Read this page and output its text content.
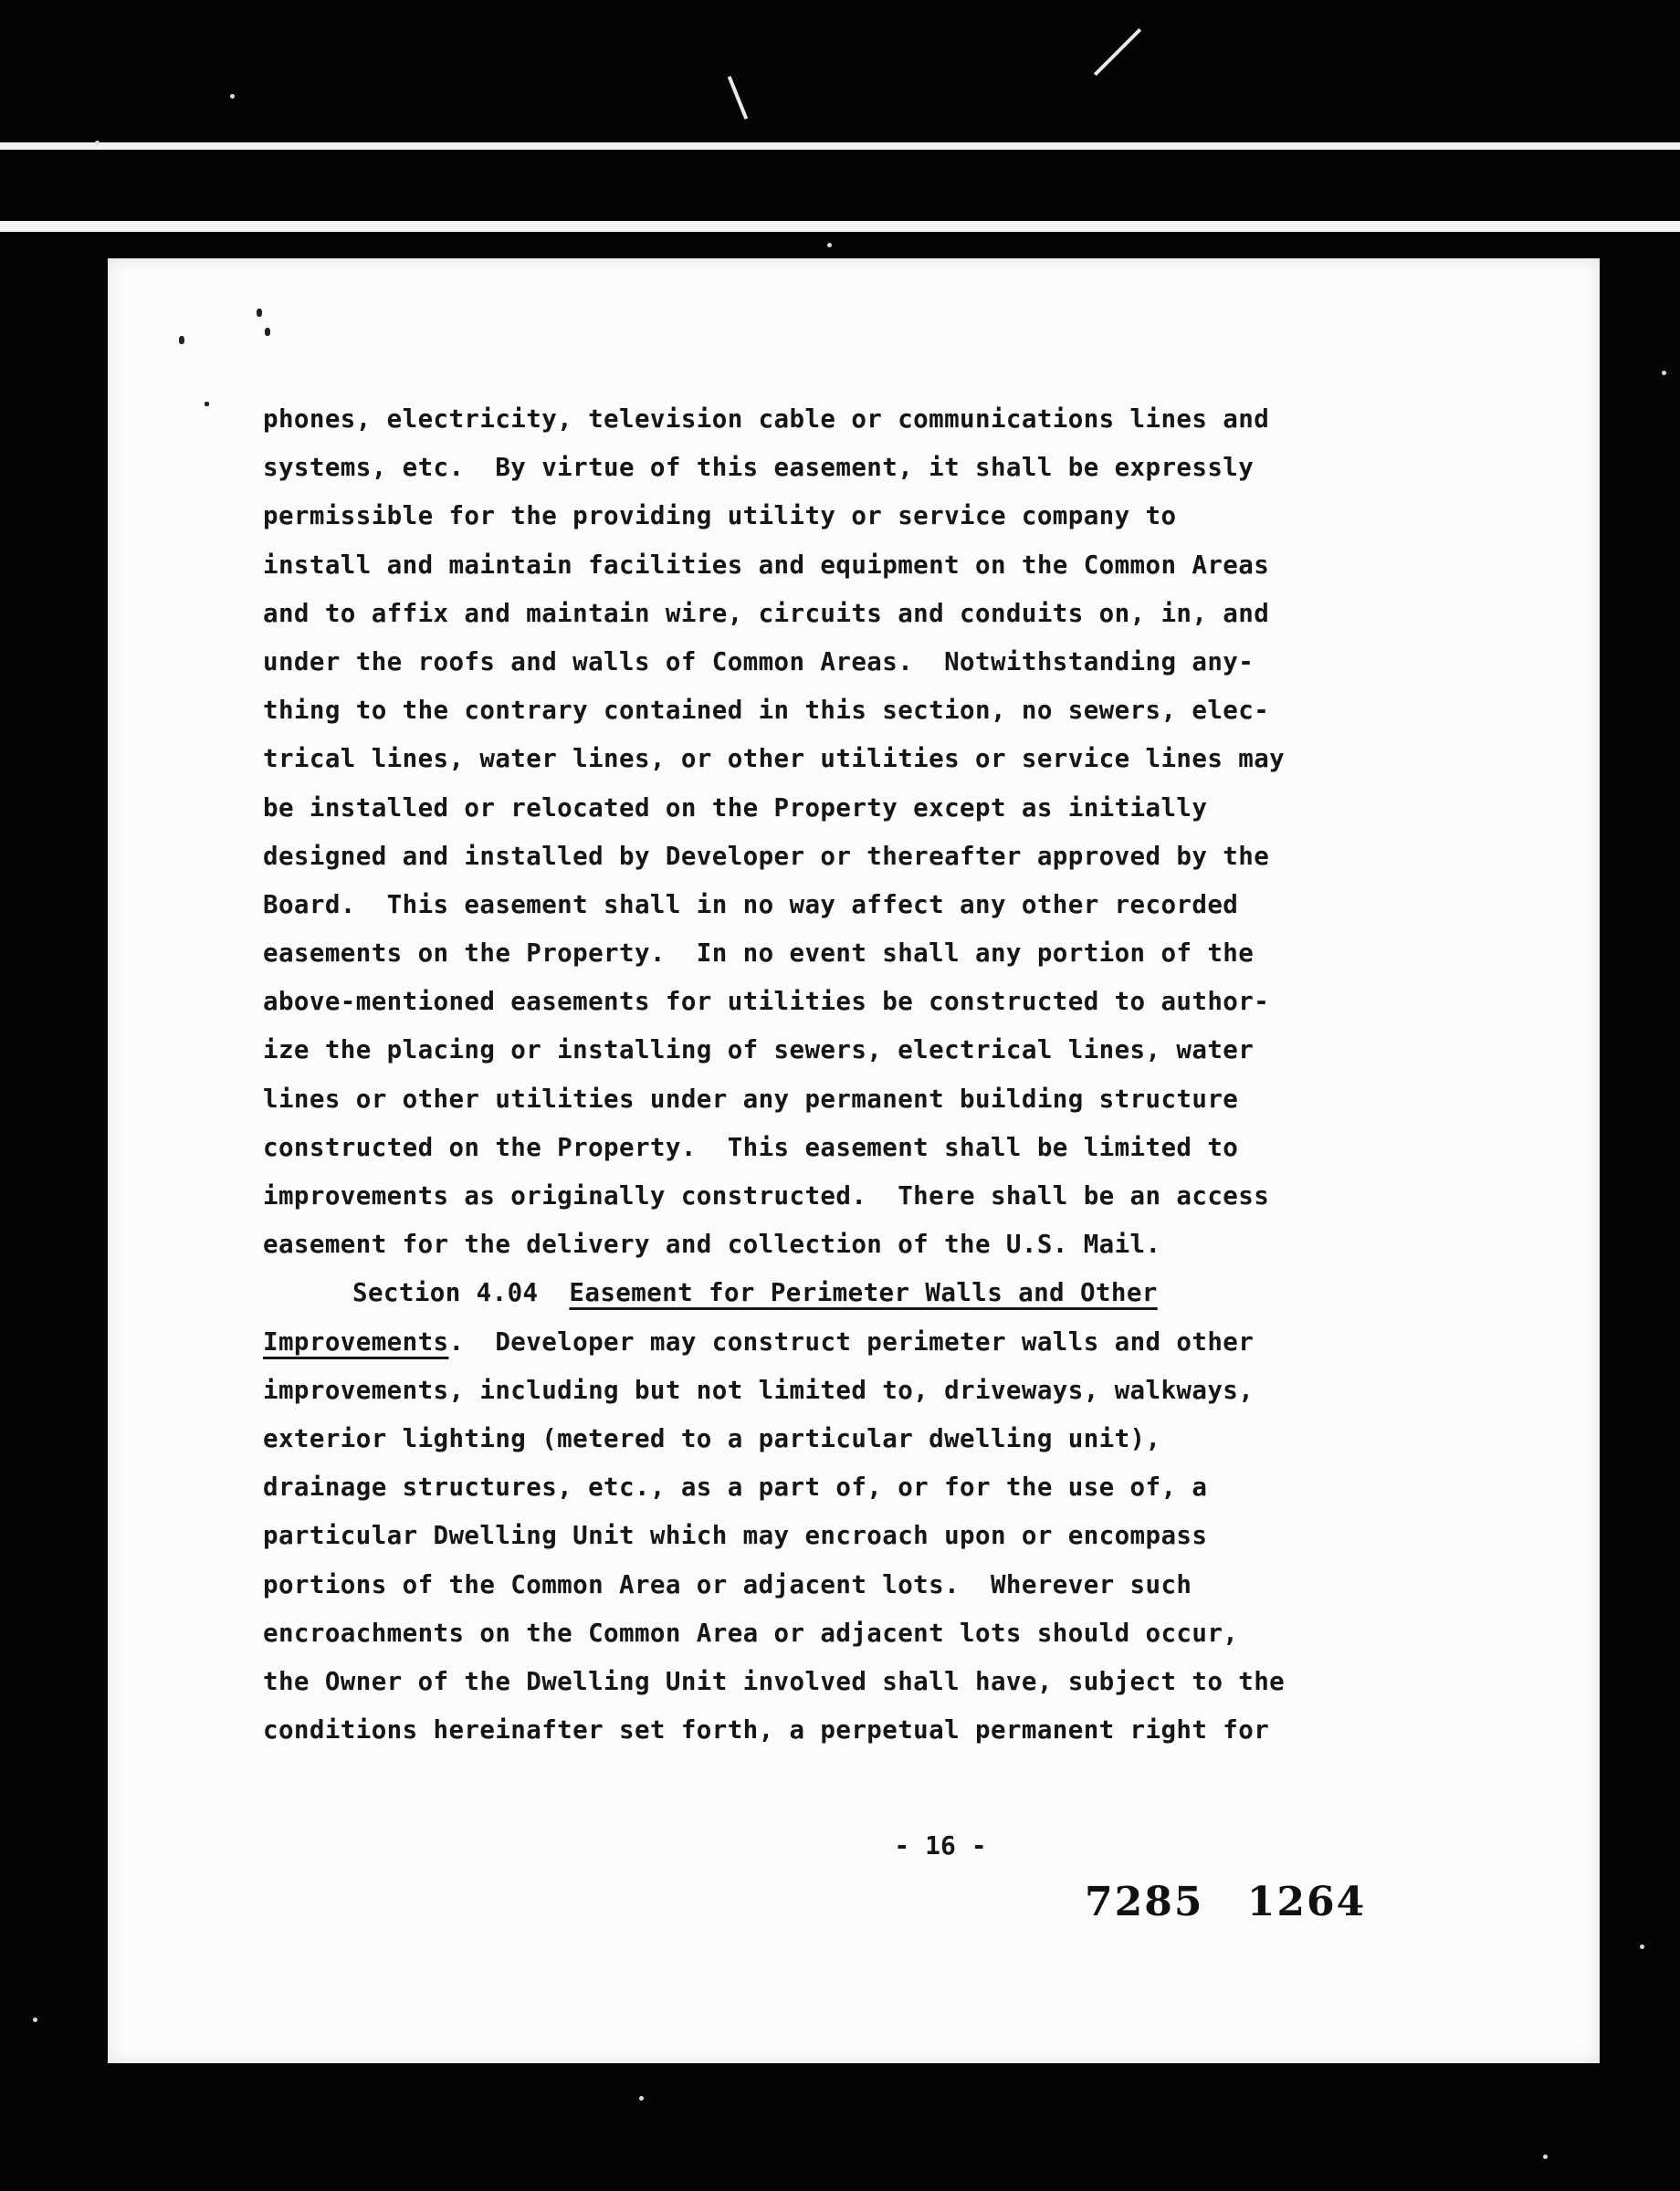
phones, electricity, television cable or communications lines and
systems, etc.  By virtue of this easement, it shall be expressly
permissible for the providing utility or service company to
install and maintain facilities and equipment on the Common Areas
and to affix and maintain wire, circuits and conduits on, in, and
under the roofs and walls of Common Areas.  Notwithstanding any-
thing to the contrary contained in this section, no sewers, elec-
trical lines, water lines, or other utilities or service lines may
be installed or relocated on the Property except as initially
designed and installed by Developer or thereafter approved by the
Board.  This easement shall in no way affect any other recorded
easements on the Property.  In no event shall any portion of the
above-mentioned easements for utilities be constructed to author-
ize the placing or installing of sewers, electrical lines, water
lines or other utilities under any permanent building structure
constructed on the Property.  This easement shall be limited to
improvements as originally constructed.  There shall be an access
easement for the delivery and collection of the U.S. Mail.
Section 4.04 Easement for Perimeter Walls and Other
Improvements.  Developer may construct perimeter walls and other
improvements, including but not limited to, driveways, walkways,
exterior lighting (metered to a particular dwelling unit),
drainage structures, etc., as a part of, or for the use of, a
particular Dwelling Unit which may encroach upon or encompass
portions of the Common Area or adjacent lots.  Wherever such
encroachments on the Common Area or adjacent lots should occur,
the Owner of the Dwelling Unit involved shall have, subject to the
conditions hereinafter set forth, a perpetual permanent right for
- 16 -
7285 1264
